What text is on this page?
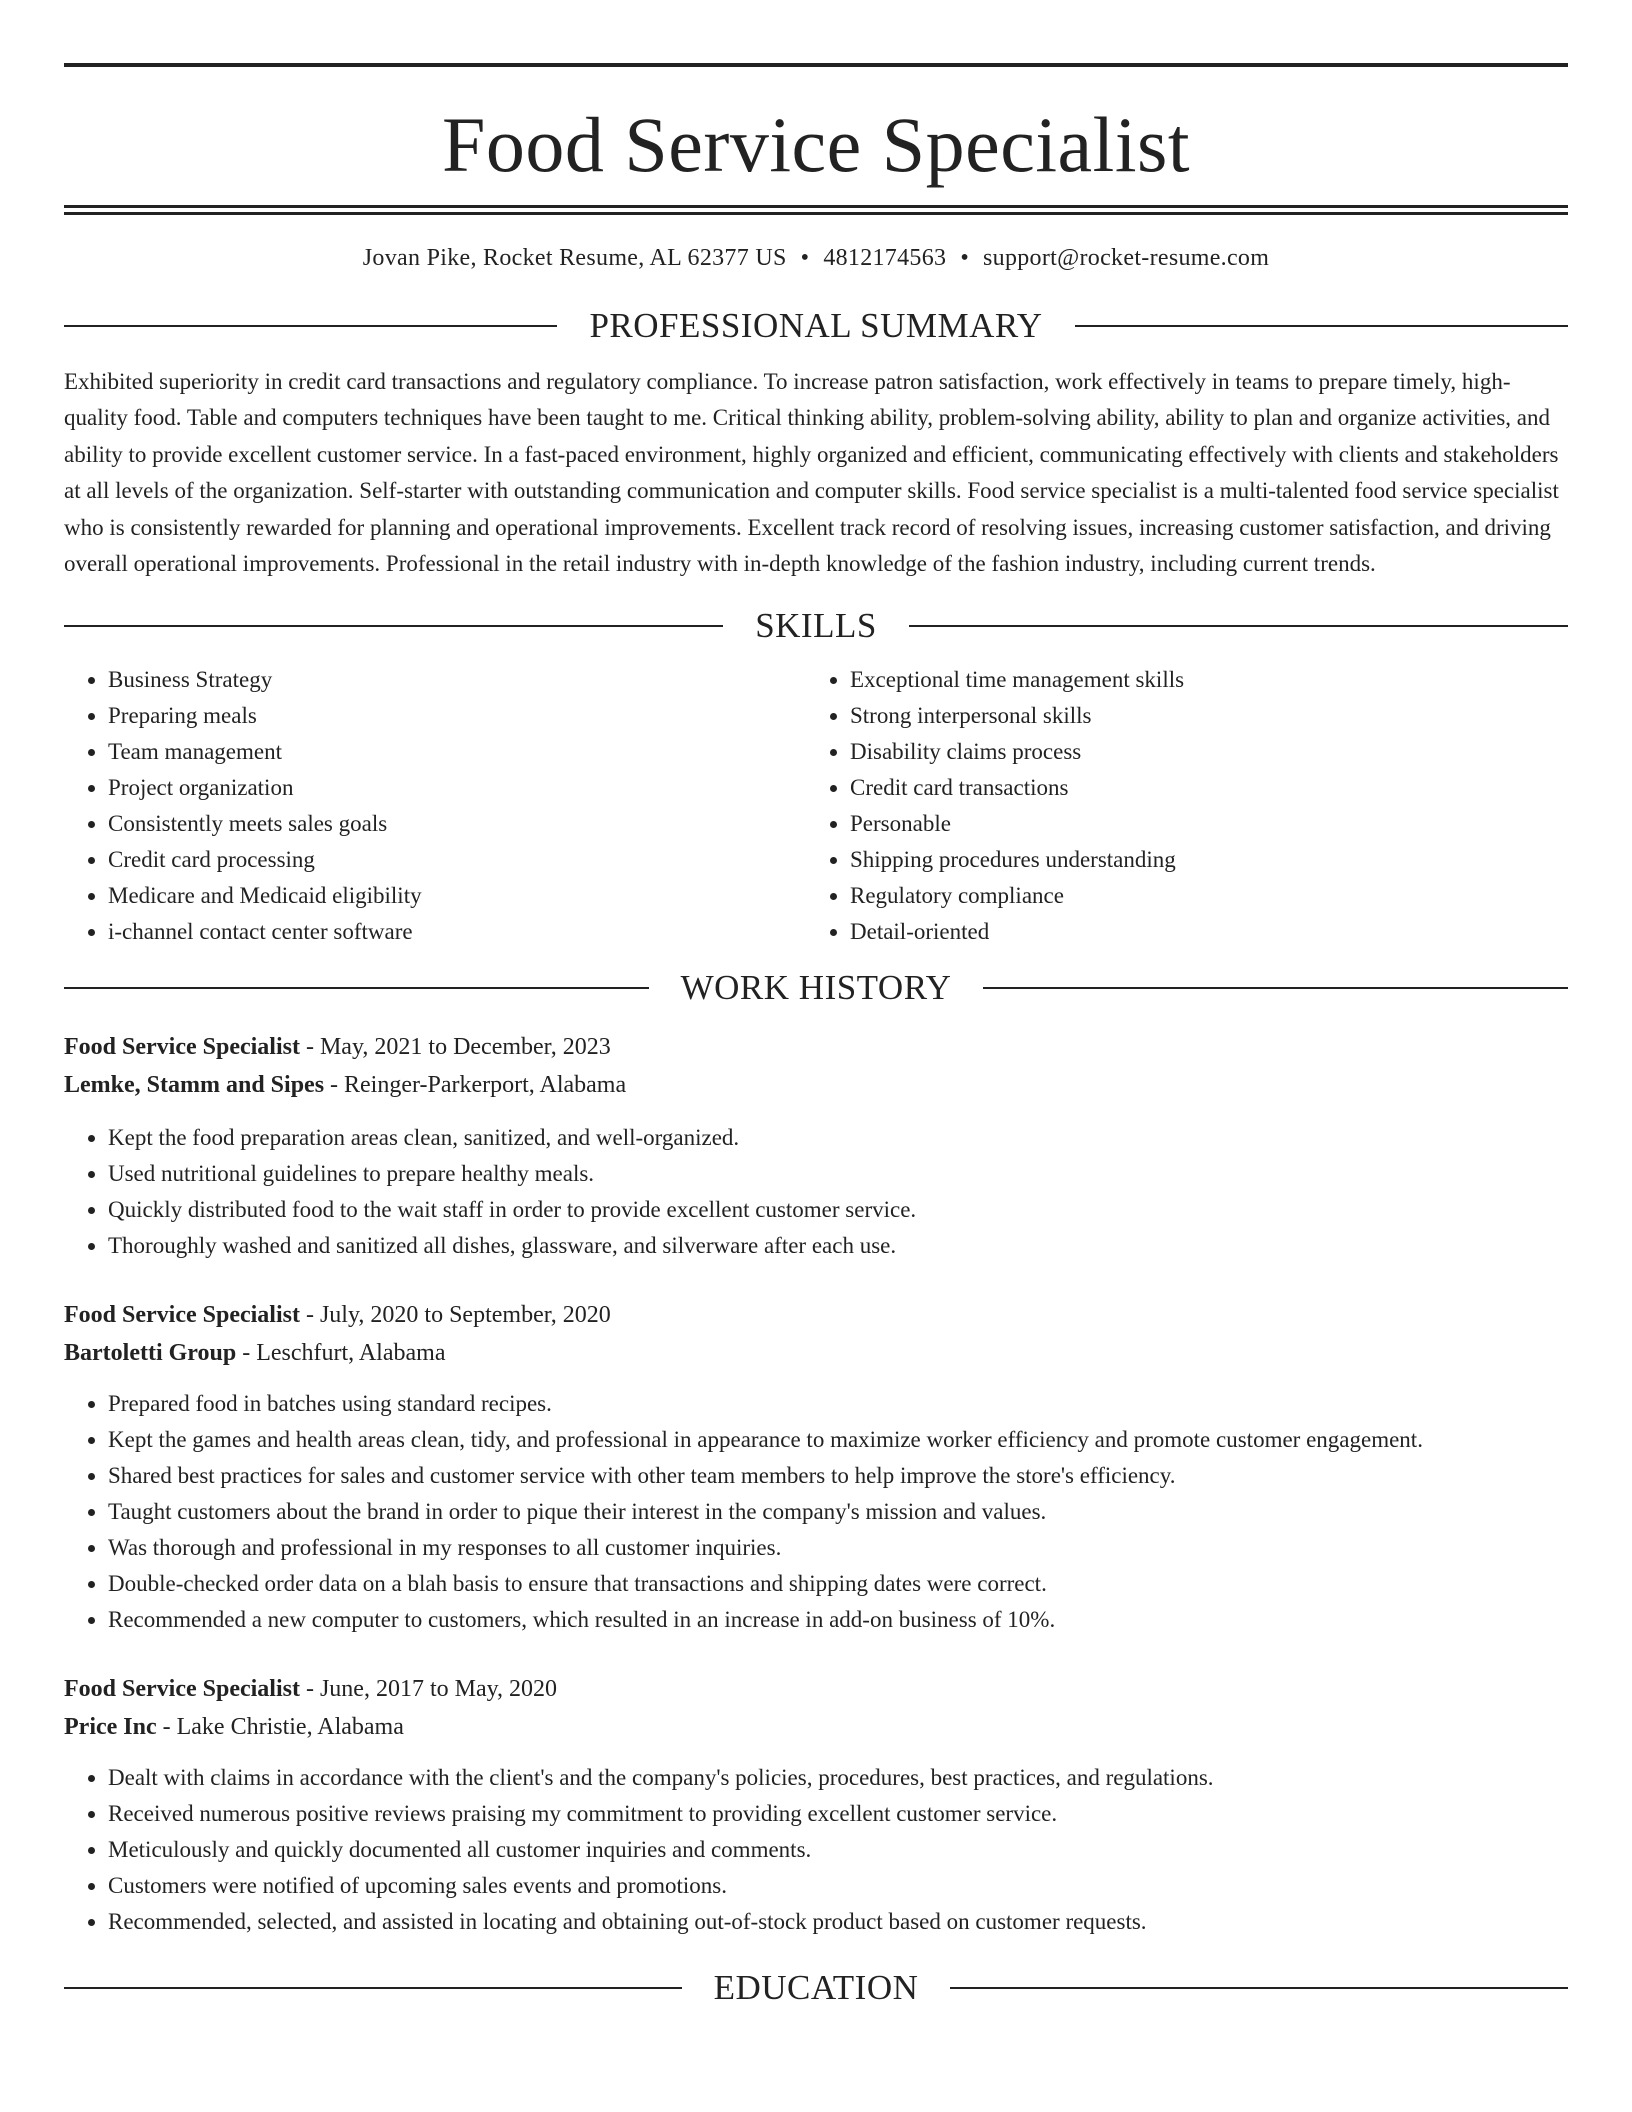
Food Service Specialist
Jovan Pike, Rocket Resume, AL 62377 US • 4812174563 • support@rocket-resume.com
PROFESSIONAL SUMMARY

Exhibited superiority in credit card transactions and regulatory compliance. To increase patron satisfaction, work effectively in teams to prepare timely, high-quality food. Table and computers techniques have been taught to me. Critical thinking ability, problem-solving ability, ability to plan and organize activities, and ability to provide excellent customer service. In a fast-paced environment, highly organized and efficient, communicating effectively with clients and stakeholders at all levels of the organization. Self-starter with outstanding communication and computer skills. Food service specialist is a multi-talented food service specialist who is consistently rewarded for planning and operational improvements. Excellent track record of resolving issues, increasing customer satisfaction, and driving overall operational improvements. Professional in the retail industry with in-depth knowledge of the fashion industry, including current trends.

SKILLS
• Business Strategy
• Preparing meals
• Team management
• Project organization
• Consistently meets sales goals
• Credit card processing
• Medicare and Medicaid eligibility
• i-channel contact center software
• Exceptional time management skills
• Strong interpersonal skills
• Disability claims process
• Credit card transactions
• Personable
• Shipping procedures understanding
• Regulatory compliance
• Detail-oriented
WORK HISTORY
Food Service Specialist - May, 2021 to December, 2023
Lemke, Stamm and Sipes - Reinger-Parkerport, Alabama
• Kept the food preparation areas clean, sanitized, and well-organized.
• Used nutritional guidelines to prepare healthy meals.
• Quickly distributed food to the wait staff in order to provide excellent customer service.
• Thoroughly washed and sanitized all dishes, glassware, and silverware after each use.
Food Service Specialist - July, 2020 to September, 2020
Bartoletti Group - Leschfurt, Alabama
• Prepared food in batches using standard recipes.
• Kept the games and health areas clean, tidy, and professional in appearance to maximize worker efficiency and promote customer engagement.
• Shared best practices for sales and customer service with other team members to help improve the store's efficiency.
• Taught customers about the brand in order to pique their interest in the company's mission and values.
• Was thorough and professional in my responses to all customer inquiries.
• Double-checked order data on a blah basis to ensure that transactions and shipping dates were correct.
• Recommended a new computer to customers, which resulted in an increase in add-on business of 10%.
Food Service Specialist - June, 2017 to May, 2020
Price Inc - Lake Christie, Alabama
• Dealt with claims in accordance with the client's and the company's policies, procedures, best practices, and regulations.
• Received numerous positive reviews praising my commitment to providing excellent customer service.
• Meticulously and quickly documented all customer inquiries and comments.
• Customers were notified of upcoming sales events and promotions.
• Recommended, selected, and assisted in locating and obtaining out-of-stock product based on customer requests.
EDUCATION
